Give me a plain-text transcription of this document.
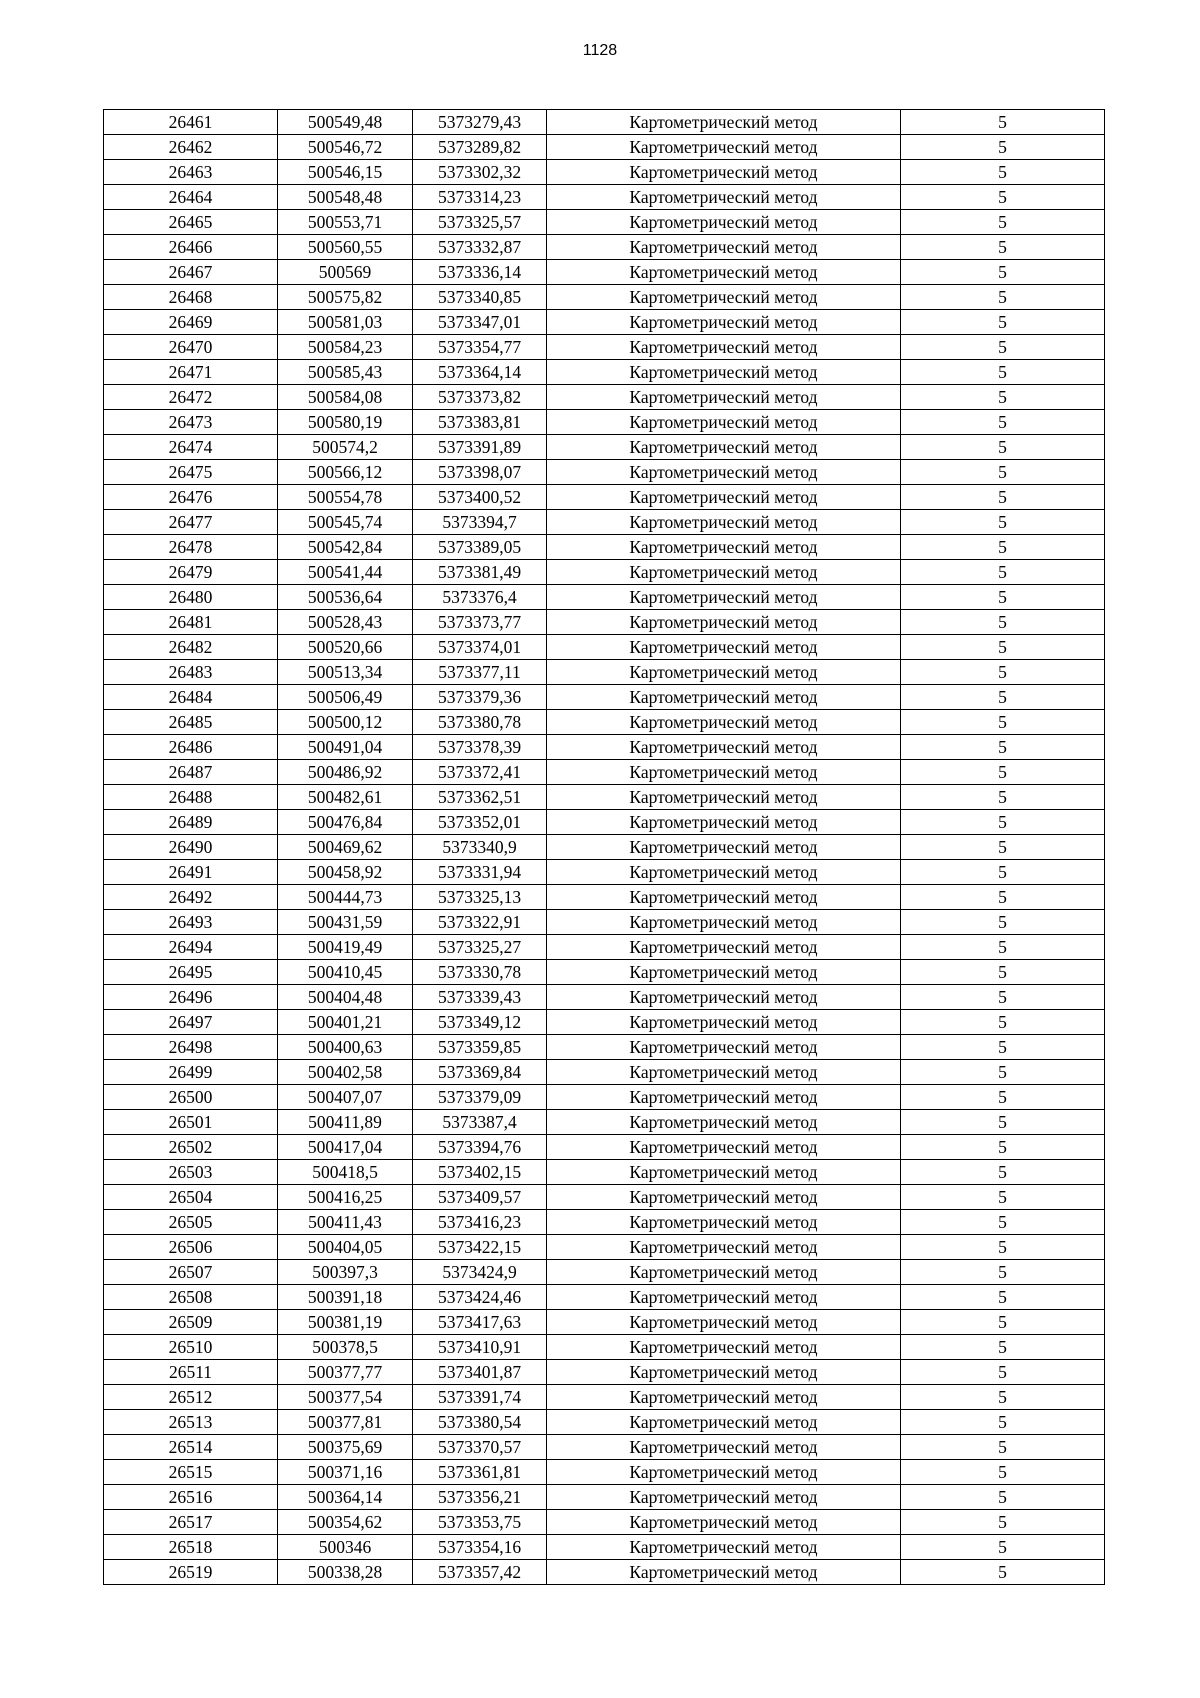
1128
26461	500549,48	5373279,43	Картометрический метод	5
26462	500546,72	5373289,82	Картометрический метод	5
26463	500546,15	5373302,32	Картометрический метод	5
26464	500548,48	5373314,23	Картометрический метод	5
26465	500553,71	5373325,57	Картометрический метод	5
26466	500560,55	5373332,87	Картометрический метод	5
26467	500569	5373336,14	Картометрический метод	5
26468	500575,82	5373340,85	Картометрический метод	5
26469	500581,03	5373347,01	Картометрический метод	5
26470	500584,23	5373354,77	Картометрический метод	5
26471	500585,43	5373364,14	Картометрический метод	5
26472	500584,08	5373373,82	Картометрический метод	5
26473	500580,19	5373383,81	Картометрический метод	5
26474	500574,2	5373391,89	Картометрический метод	5
26475	500566,12	5373398,07	Картометрический метод	5
26476	500554,78	5373400,52	Картометрический метод	5
26477	500545,74	5373394,7	Картометрический метод	5
26478	500542,84	5373389,05	Картометрический метод	5
26479	500541,44	5373381,49	Картометрический метод	5
26480	500536,64	5373376,4	Картометрический метод	5
26481	500528,43	5373373,77	Картометрический метод	5
26482	500520,66	5373374,01	Картометрический метод	5
26483	500513,34	5373377,11	Картометрический метод	5
26484	500506,49	5373379,36	Картометрический метод	5
26485	500500,12	5373380,78	Картометрический метод	5
26486	500491,04	5373378,39	Картометрический метод	5
26487	500486,92	5373372,41	Картометрический метод	5
26488	500482,61	5373362,51	Картометрический метод	5
26489	500476,84	5373352,01	Картометрический метод	5
26490	500469,62	5373340,9	Картометрический метод	5
26491	500458,92	5373331,94	Картометрический метод	5
26492	500444,73	5373325,13	Картометрический метод	5
26493	500431,59	5373322,91	Картометрический метод	5
26494	500419,49	5373325,27	Картометрический метод	5
26495	500410,45	5373330,78	Картометрический метод	5
26496	500404,48	5373339,43	Картометрический метод	5
26497	500401,21	5373349,12	Картометрический метод	5
26498	500400,63	5373359,85	Картометрический метод	5
26499	500402,58	5373369,84	Картометрический метод	5
26500	500407,07	5373379,09	Картометрический метод	5
26501	500411,89	5373387,4	Картометрический метод	5
26502	500417,04	5373394,76	Картометрический метод	5
26503	500418,5	5373402,15	Картометрический метод	5
26504	500416,25	5373409,57	Картометрический метод	5
26505	500411,43	5373416,23	Картометрический метод	5
26506	500404,05	5373422,15	Картометрический метод	5
26507	500397,3	5373424,9	Картометрический метод	5
26508	500391,18	5373424,46	Картометрический метод	5
26509	500381,19	5373417,63	Картометрический метод	5
26510	500378,5	5373410,91	Картометрический метод	5
26511	500377,77	5373401,87	Картометрический метод	5
26512	500377,54	5373391,74	Картометрический метод	5
26513	500377,81	5373380,54	Картометрический метод	5
26514	500375,69	5373370,57	Картометрический метод	5
26515	500371,16	5373361,81	Картометрический метод	5
26516	500364,14	5373356,21	Картометрический метод	5
26517	500354,62	5373353,75	Картометрический метод	5
26518	500346	5373354,16	Картометрический метод	5
26519	500338,28	5373357,42	Картометрический метод	5
